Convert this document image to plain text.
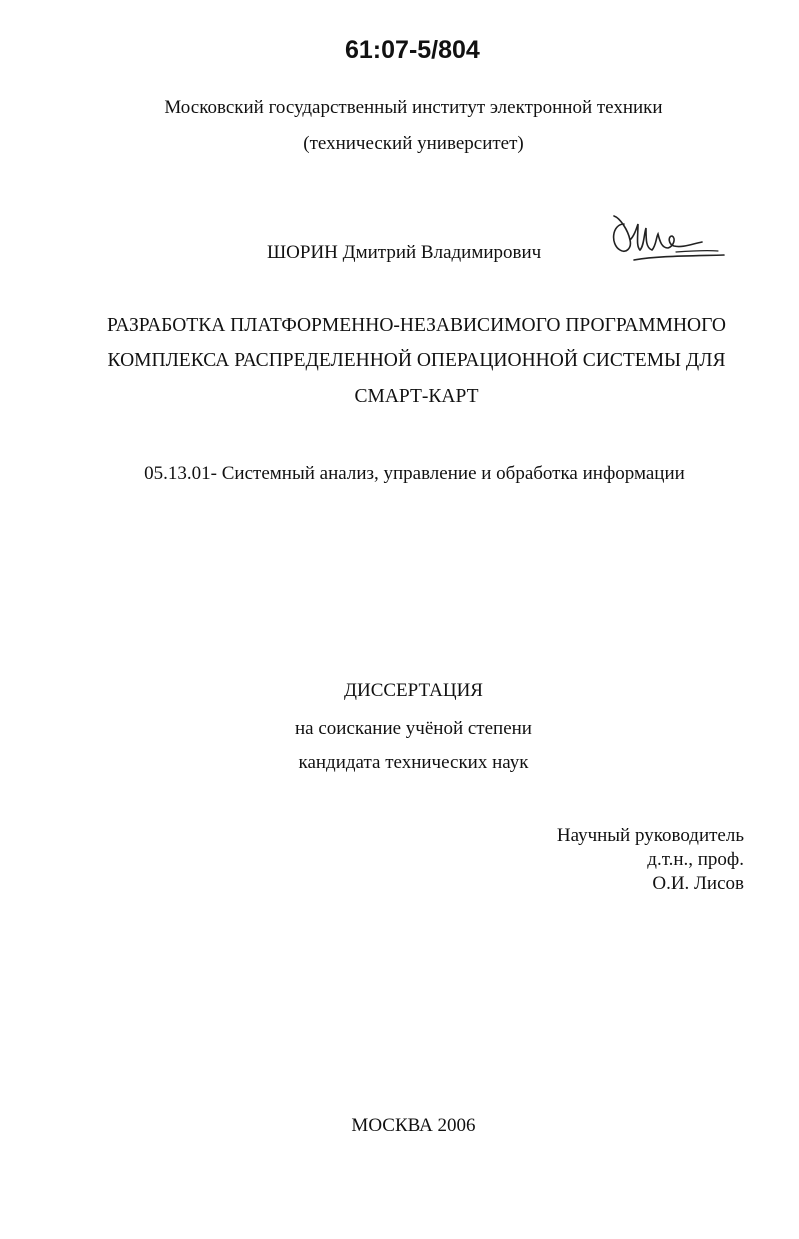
61:07-5/804
Московский государственный институт электронной техники
(технический университет)
ШОРИН Дмитрий Владимирович
РАЗРАБОТКА ПЛАТФОРМЕННО-НЕЗАВИСИМОГО ПРОГРАММНОГО
КОМПЛЕКСА РАСПРЕДЕЛЕННОЙ ОПЕРАЦИОННОЙ СИСТЕМЫ ДЛЯ
СМАРТ-КАРТ
05.13.01- Системный анализ, управление и обработка информации
ДИССЕРТАЦИЯ
на соискание учёной степени
кандидата технических наук
Научный руководитель
д.т.н., проф.
О.И. Лисов
МОСКВА 2006
